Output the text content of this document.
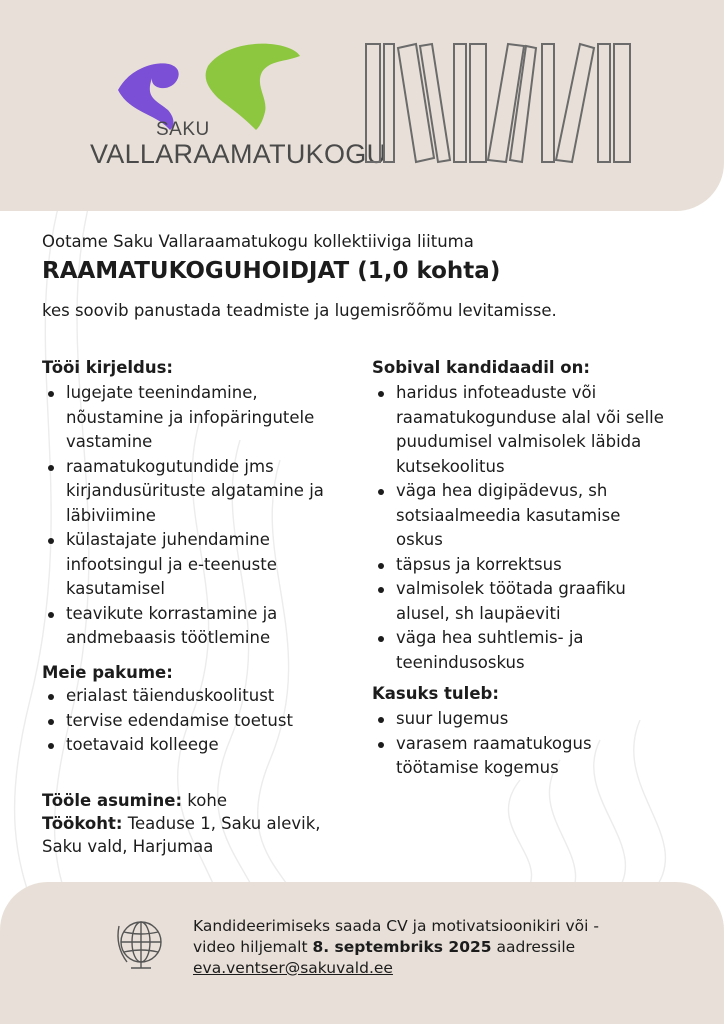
SAKU
VALLARAAMATUKOGU
Ootame Saku Vallaraamatukogu kollektiiviga liituma
RAAMATUKOGUHOIDJAT (1,0 kohta)
kes soovib panustada teadmiste ja lugemisrõõmu levitamisse.
Tööi kirjeldus:
lugejate teenindamine,
nõustamine ja infopäringutele
vastamine
raamatukogutundide jms
kirjandusürituste algatamine ja
läbiviimine
külastajate juhendamine
infootsingul ja e-teenuste
kasutamisel
teavikute korrastamine ja
andmebaasis töötlemine
Meie pakume:
erialast täienduskoolitust
tervise edendamise toetust
toetavaid kolleege
Sobival kandidaadil on:
haridus infoteaduste või
raamatukogunduse alal või selle
puudumisel valmisolek läbida
kutsekoolitus
väga hea digipädevus, sh
sotsiaalmeedia kasutamise
oskus
täpsus ja korrektsus
valmisolek töötada graafiku
alusel, sh laupäeviti
väga hea suhtlemis- ja
teenindusoskus
Kasuks tuleb:
suur lugemus
varasem raamatukogus
töötamise kogemus
Tööle asumine: kohe
Töökoht: Teaduse 1, Saku alevik,
Saku vald, Harjumaa
Kandideerimiseks saada CV ja motivatsioonikiri või -
video hiljemalt 8. septembriks 2025 aadressile
eva.ventser@sakuvald.ee
